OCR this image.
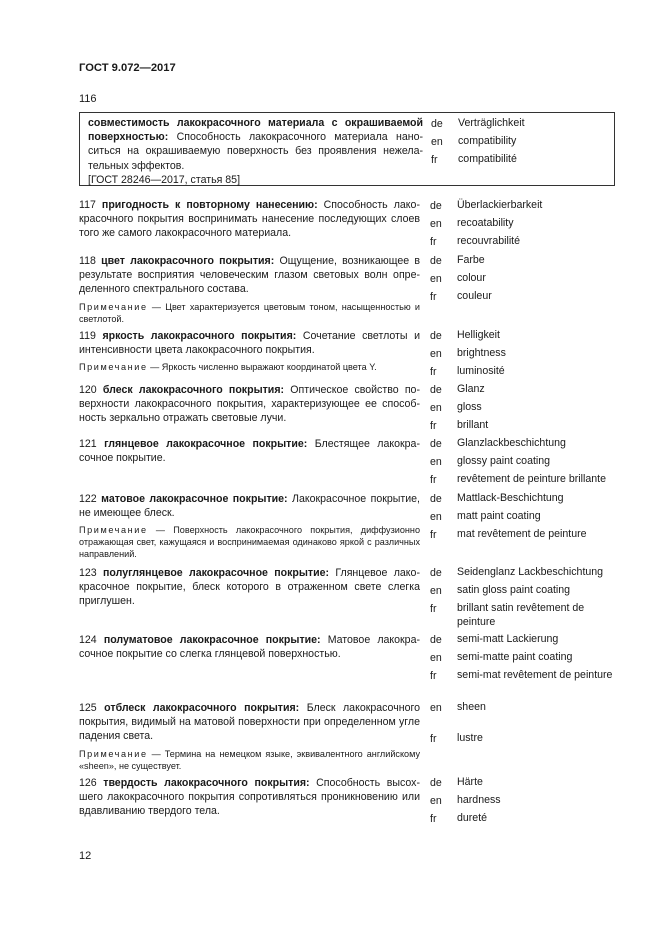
ГОСТ 9.072—2017
116

совместимость лакокрасочного материала с окрашиваемой поверхностью: Способность лакокрасочного материала наноситься на окрашиваемую поверхность без проявления нежелательных эффектов.

[ГОСТ 28246—2017, статья 85]

de	Verträglichkeit
en	compatibility
fr	compatibilité

117 пригодность к повторному нанесению: Способность лакокрасочного покрытия воспринимать нанесение последующих слоев того же самого лакокрасочного материала.

de	Überlackierbarkeit
en	recoatability
fr	recouvrabilité

118 цвет лакокрасочного покрытия: Ощущение, возникающее в результате восприятия человеческим глазом световых волн определенного спектрального состава.

Примечание — Цвет характеризуется цветовым тоном, насыщенностью и светлотой.

de	Farbe
en	colour
fr	couleur

119 яркость лакокрасочного покрытия: Сочетание светлоты и интенсивности цвета лакокрасочного покрытия.

Примечание — Яркость численно выражают координатой цвета Y.

de	Helligkeit
en	brightness
fr	luminosité

120 блеск лакокрасочного покрытия: Оптическое свойство поверхности лакокрасочного покрытия, характеризующее ее способность зеркально отражать световые лучи.

de	Glanz
en	gloss
fr	brillant

121 глянцевое лакокрасочное покрытие: Блестящее лакокрасочное покрытие.

de	Glanzlackbeschichtung
en	glossy paint coating
fr	revêtement de peinture brillante

122 матовое лакокрасочное покрытие: Лакокрасочное покрытие, не имеющее блеск.

Примечание — Поверхность лакокрасочного покрытия, диффузионно отражающая свет, кажущаяся и воспринимаемая одинаково яркой с различных направлений.

de	Mattlack-Beschichtung
en	matt paint coating
fr	mat revêtement de peinture

123 полуглянцевое лакокрасочное покрытие: Глянцевое лакокрасочное покрытие, блеск которого в отраженном свете слегка приглушен.

de	Seidenglanz Lackbeschichtung
en	satin gloss paint coating
fr	brillant satin revêtement de peinture

124 полуматовое лакокрасочное покрытие: Матовое лакокрасочное покрытие со слегка глянцевой поверхностью.

de	semi-matt Lackierung
en	semi-matte paint coating
fr	semi-mat revêtement de peinture

125 отблеск лакокрасочного покрытия: Блеск лакокрасочного покрытия, видимый на матовой поверхности при определенном угле падения света.

Примечание — Термина на немецком языке, эквивалентного английскому «sheen», не существует.

en	sheen
fr	lustre

126 твердость лакокрасочного покрытия: Способность высохшего лакокрасочного покрытия сопротивляться проникновению или вдавливанию твердого тела.

de	Härte
en	hardness
fr	dureté
12
